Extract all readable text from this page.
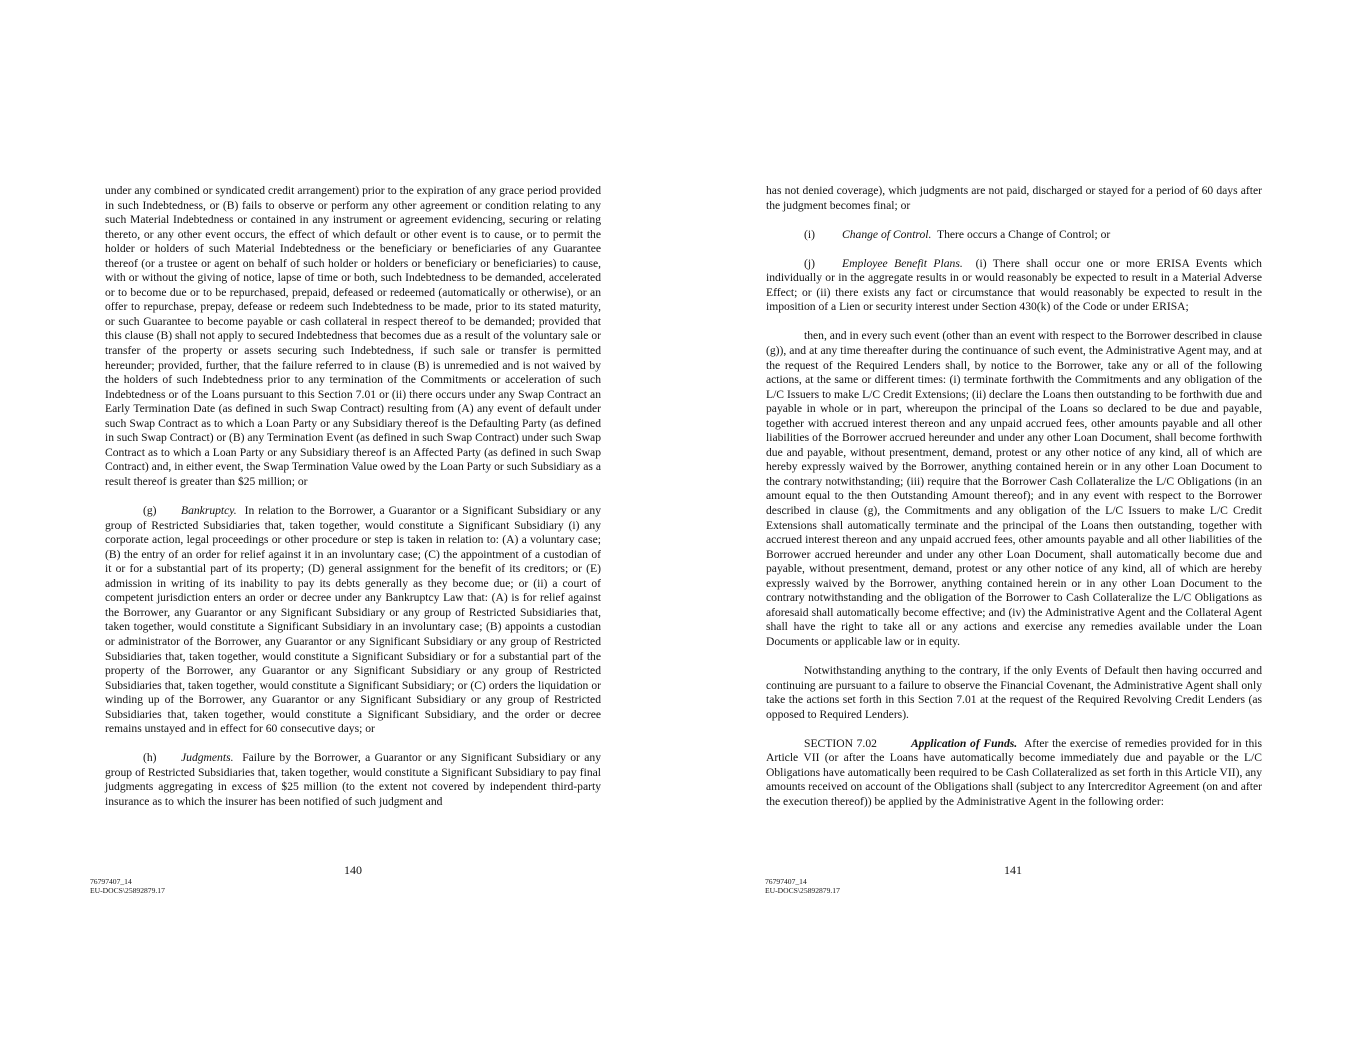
under any combined or syndicated credit arrangement) prior to the expiration of any grace period provided in such Indebtedness, or (B) fails to observe or perform any other agreement or condition relating to any such Material Indebtedness or contained in any instrument or agreement evidencing, securing or relating thereto, or any other event occurs, the effect of which default or other event is to cause, or to permit the holder or holders of such Material Indebtedness or the beneficiary or beneficiaries of any Guarantee thereof (or a trustee or agent on behalf of such holder or holders or beneficiary or beneficiaries) to cause, with or without the giving of notice, lapse of time or both, such Indebtedness to be demanded, accelerated or to become due or to be repurchased, prepaid, defeased or redeemed (automatically or otherwise), or an offer to repurchase, prepay, defease or redeem such Indebtedness to be made, prior to its stated maturity, or such Guarantee to become payable or cash collateral in respect thereof to be demanded; provided that this clause (B) shall not apply to secured Indebtedness that becomes due as a result of the voluntary sale or transfer of the property or assets securing such Indebtedness, if such sale or transfer is permitted hereunder; provided, further, that the failure referred to in clause (B) is unremedied and is not waived by the holders of such Indebtedness prior to any termination of the Commitments or acceleration of such Indebtedness or of the Loans pursuant to this Section 7.01 or (ii) there occurs under any Swap Contract an Early Termination Date (as defined in such Swap Contract) resulting from (A) any event of default under such Swap Contract as to which a Loan Party or any Subsidiary thereof is the Defaulting Party (as defined in such Swap Contract) or (B) any Termination Event (as defined in such Swap Contract) under such Swap Contract as to which a Loan Party or any Subsidiary thereof is an Affected Party (as defined in such Swap Contract) and, in either event, the Swap Termination Value owed by the Loan Party or such Subsidiary as a result thereof is greater than $25 million; or

(g) Bankruptcy. In relation to the Borrower, a Guarantor or a Significant Subsidiary or any group of Restricted Subsidiaries that, taken together, would constitute a Significant Subsidiary (i) any corporate action, legal proceedings or other procedure or step is taken in relation to: (A) a voluntary case; (B) the entry of an order for relief against it in an involuntary case; (C) the appointment of a custodian of it or for a substantial part of its property; (D) general assignment for the benefit of its creditors; or (E) admission in writing of its inability to pay its debts generally as they become due; or (ii) a court of competent jurisdiction enters an order or decree under any Bankruptcy Law that: (A) is for relief against the Borrower, any Guarantor or any Significant Subsidiary or any group of Restricted Subsidiaries that, taken together, would constitute a Significant Subsidiary in an involuntary case; (B) appoints a custodian or administrator of the Borrower, any Guarantor or any Significant Subsidiary or any group of Restricted Subsidiaries that, taken together, would constitute a Significant Subsidiary or for a substantial part of the property of the Borrower, any Guarantor or any Significant Subsidiary or any group of Restricted Subsidiaries that, taken together, would constitute a Significant Subsidiary; or (C) orders the liquidation or winding up of the Borrower, any Guarantor or any Significant Subsidiary or any group of Restricted Subsidiaries that, taken together, would constitute a Significant Subsidiary, and the order or decree remains unstayed and in effect for 60 consecutive days; or

(h) Judgments. Failure by the Borrower, a Guarantor or any Significant Subsidiary or any group of Restricted Subsidiaries that, taken together, would constitute a Significant Subsidiary to pay final judgments aggregating in excess of $25 million (to the extent not covered by independent third-party insurance as to which the insurer has been notified of such judgment and

140
76797407_14
EU-DOCS\25892879.17

has not denied coverage), which judgments are not paid, discharged or stayed for a period of 60 days after the judgment becomes final; or

(i) Change of Control. There occurs a Change of Control; or

(j) Employee Benefit Plans. (i) There shall occur one or more ERISA Events which individually or in the aggregate results in or would reasonably be expected to result in a Material Adverse Effect; or (ii) there exists any fact or circumstance that would reasonably be expected to result in the imposition of a Lien or security interest under Section 430(k) of the Code or under ERISA;

then, and in every such event (other than an event with respect to the Borrower described in clause (g)), and at any time thereafter during the continuance of such event, the Administrative Agent may, and at the request of the Required Lenders shall, by notice to the Borrower, take any or all of the following actions, at the same or different times: (i) terminate forthwith the Commitments and any obligation of the L/C Issuers to make L/C Credit Extensions; (ii) declare the Loans then outstanding to be forthwith due and payable in whole or in part, whereupon the principal of the Loans so declared to be due and payable, together with accrued interest thereon and any unpaid accrued fees, other amounts payable and all other liabilities of the Borrower accrued hereunder and under any other Loan Document, shall become forthwith due and payable, without presentment, demand, protest or any other notice of any kind, all of which are hereby expressly waived by the Borrower, anything contained herein or in any other Loan Document to the contrary notwithstanding; (iii) require that the Borrower Cash Collateralize the L/C Obligations (in an amount equal to the then Outstanding Amount thereof); and in any event with respect to the Borrower described in clause (g), the Commitments and any obligation of the L/C Issuers to make L/C Credit Extensions shall automatically terminate and the principal of the Loans then outstanding, together with accrued interest thereon and any unpaid accrued fees, other amounts payable and all other liabilities of the Borrower accrued hereunder and under any other Loan Document, shall automatically become due and payable, without presentment, demand, protest or any other notice of any kind, all of which are hereby expressly waived by the Borrower, anything contained herein or in any other Loan Document to the contrary notwithstanding and the obligation of the Borrower to Cash Collateralize the L/C Obligations as aforesaid shall automatically become effective; and (iv) the Administrative Agent and the Collateral Agent shall have the right to take all or any actions and exercise any remedies available under the Loan Documents or applicable law or in equity.

Notwithstanding anything to the contrary, if the only Events of Default then having occurred and continuing are pursuant to a failure to observe the Financial Covenant, the Administrative Agent shall only take the actions set forth in this Section 7.01 at the request of the Required Revolving Credit Lenders (as opposed to Required Lenders).

SECTION 7.02	Application of Funds. After the exercise of remedies provided for in this Article VII (or after the Loans have automatically become immediately due and payable or the L/C Obligations have automatically been required to be Cash Collateralized as set forth in this Article VII), any amounts received on account of the Obligations shall (subject to any Intercreditor Agreement (on and after the execution thereof)) be applied by the Administrative Agent in the following order:

141
76797407_14
EU-DOCS\25892879.17
